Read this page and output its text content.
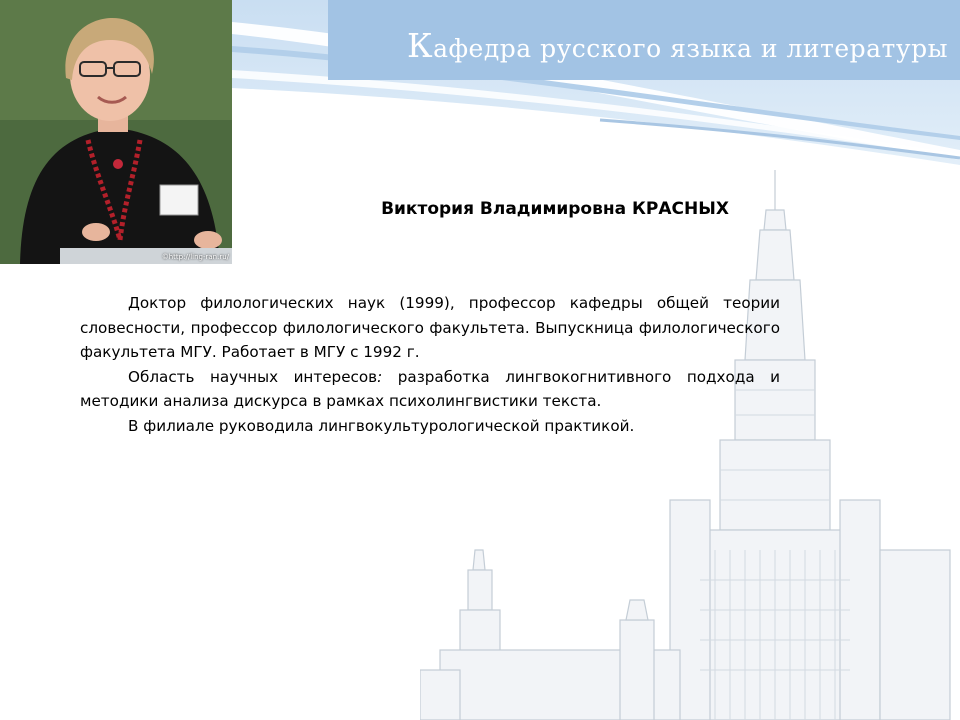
Кафедра русского языка и литературы
©http://ling-ran.ru/
Виктория Владимировна КРАСНЫХ

Доктор филологических наук (1999), профессор кафедры общей теории словесности, профессор филологического факультета. Выпускница филологического факультета МГУ. Работает в МГУ с 1992 г.

Область научных интересов: разработка лингвокогнитивного подхода и методики анализа дискурса в рамках психолингвистики текста.

В филиале руководила лингвокультурологической практикой.
